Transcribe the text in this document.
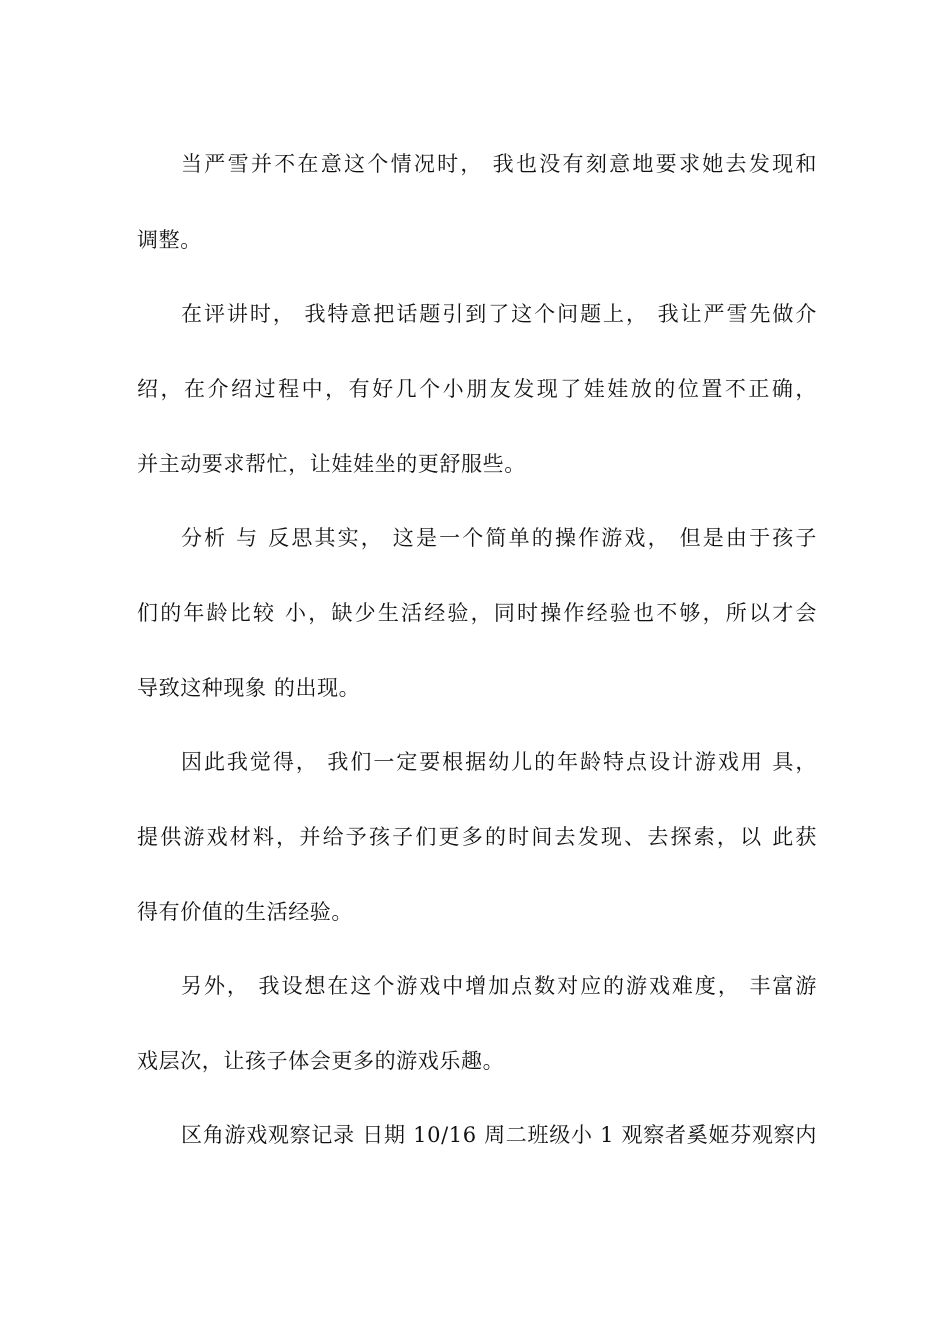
当严雪并不在意这个情况时， 我也没有刻意地要求她去发现和
调整。
在评讲时， 我特意把话题引到了这个问题上， 我让严雪先做介
绍，在介绍过程中，有好几个小朋友发现了娃娃放的位置不正确，
并主动要求帮忙，让娃娃坐的更舒服些。
分析 与 反思其实， 这是一个简单的操作游戏， 但是由于孩子
们的年龄比较 小，缺少生活经验，同时操作经验也不够，所以才会
导致这种现象 的出现。
因此我觉得， 我们一定要根据幼儿的年龄特点设计游戏用 具，
提供游戏材料，并给予孩子们更多的时间去发现、去探索，以 此获
得有价值的生活经验。
另外， 我设想在这个游戏中增加点数对应的游戏难度， 丰富游
戏层次，让孩子体会更多的游戏乐趣。
区角游戏观察记录 日期 10/16 周二班级小 1 观察者奚姬芬观察内
